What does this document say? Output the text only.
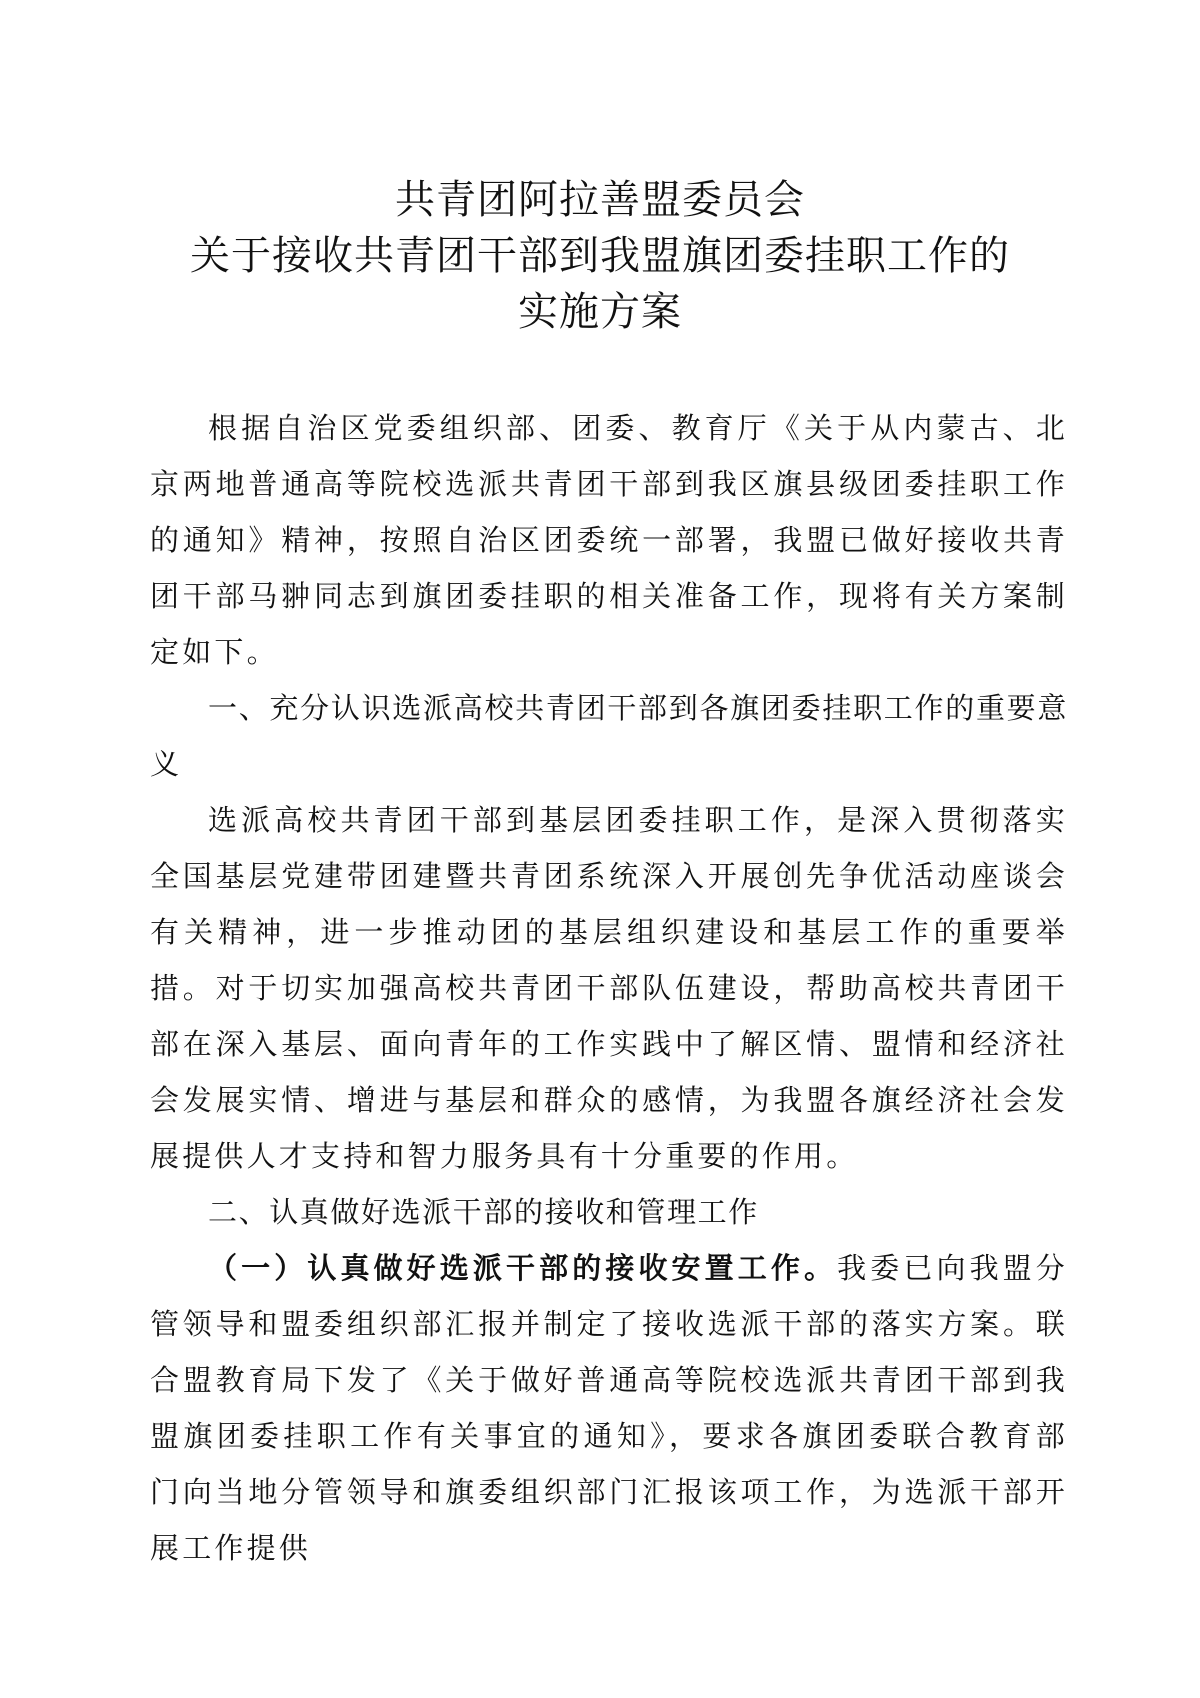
共青团阿拉善盟委员会
关于接收共青团干部到我盟旗团委挂职工作的
实施方案

根据自治区党委组织部、团委、教育厅《关于从内蒙古、北京两地普通高等院校选派共青团干部到我区旗县级团委挂职工作的通知》精神，按照自治区团委统一部署，我盟已做好接收共青团干部马翀同志到旗团委挂职的相关准备工作，现将有关方案制定如下。

一、充分认识选派高校共青团干部到各旗团委挂职工作的重要意义

选派高校共青团干部到基层团委挂职工作，是深入贯彻落实全国基层党建带团建暨共青团系统深入开展创先争优活动座谈会有关精神，进一步推动团的基层组织建设和基层工作的重要举措。对于切实加强高校共青团干部队伍建设，帮助高校共青团干部在深入基层、面向青年的工作实践中了解区情、盟情和经济社会发展实情、增进与基层和群众的感情，为我盟各旗经济社会发展提供人才支持和智力服务具有十分重要的作用。

二、认真做好选派干部的接收和管理工作

（一）认真做好选派干部的接收安置工作。我委已向我盟分管领导和盟委组织部汇报并制定了接收选派干部的落实方案。联合盟教育局下发了《关于做好普通高等院校选派共青团干部到我盟旗团委挂职工作有关事宜的通知》，要求各旗团委联合教育部门向当地分管领导和旗委组织部门汇报该项工作，为选派干部开展工作提供
